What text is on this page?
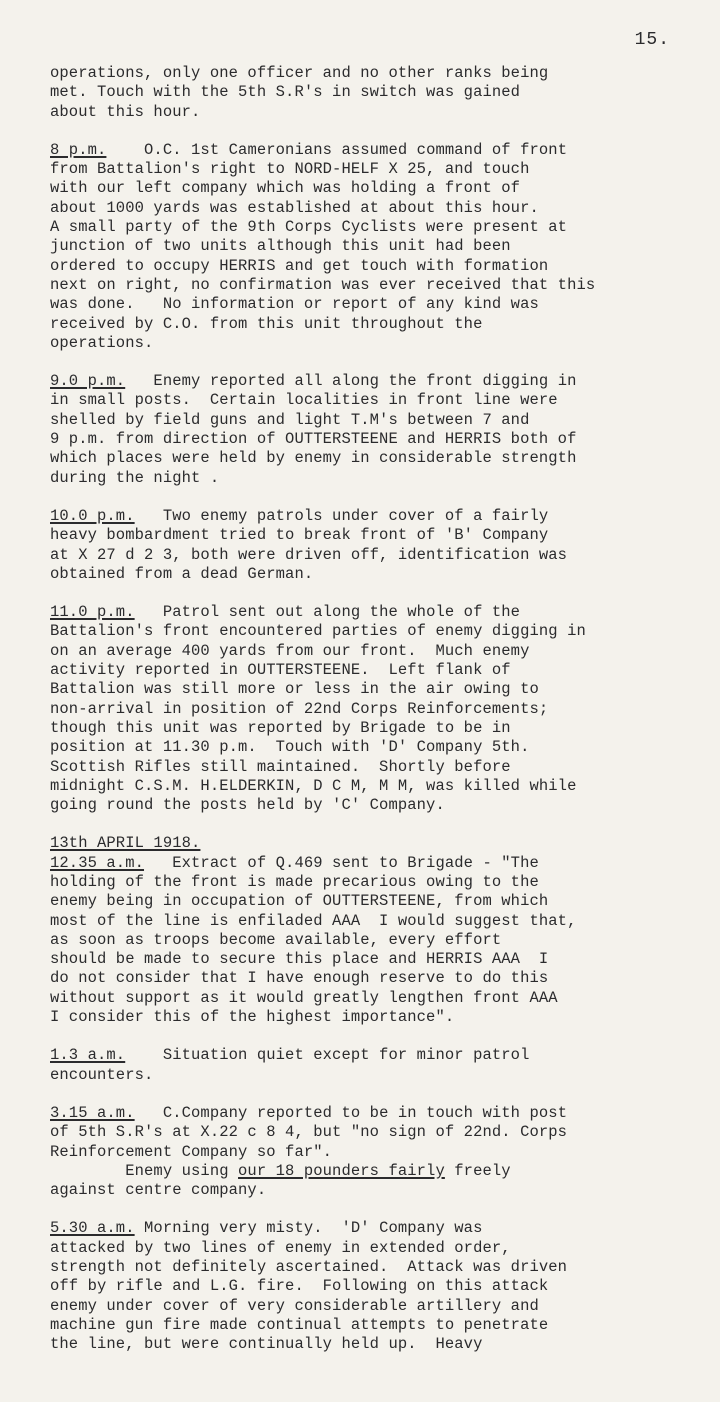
15.
operations, only one officer and no other ranks being
met. Touch with the 5th S.R's in switch was gained
about this hour.
8 p.m.    O.C. 1st Cameronians assumed command of front
from Battalion's right to NORD-HELF X 25, and touch
with our left company which was holding a front of
about 1000 yards was established at about this hour.
A small party of the 9th Corps Cyclists were present at
junction of two units although this unit had been
ordered to occupy HERRIS and get touch with formation
next on right, no confirmation was ever received that this
was done.   No information or report of any kind was
received by C.O. from this unit throughout the
operations.
9.0 p.m.   Enemy reported all along the front digging in
in small posts.  Certain localities in front line were
shelled by field guns and light T.M's between 7 and
9 p.m. from direction of OUTTERSTEENE and HERRIS both of
which places were held by enemy in considerable strength
during the night .
10.0 p.m.   Two enemy patrols under cover of a fairly
heavy bombardment tried to break front of 'B' Company
at X 27 d 2 3, both were driven off, identification was
obtained from a dead German.
11.0 p.m.   Patrol sent out along the whole of the
Battalion's front encountered parties of enemy digging in
on an average 400 yards from our front.  Much enemy
activity reported in OUTTERSTEENE.  Left flank of
Battalion was still more or less in the air owing to
non-arrival in position of 22nd Corps Reinforcements;
though this unit was reported by Brigade to be in
position at 11.30 p.m.  Touch with 'D' Company 5th.
Scottish Rifles still maintained.  Shortly before
midnight C.S.M. H.ELDERKIN, D C M, M M, was killed while
going round the posts held by 'C' Company.
13th APRIL 1918.
12.35 a.m.   Extract of Q.469 sent to Brigade - "The
holding of the front is made precarious owing to the
enemy being in occupation of OUTTERSTEENE, from which
most of the line is enfiladed AAA  I would suggest that,
as soon as troops become available, every effort
should be made to secure this place and HERRIS AAA  I
do not consider that I have enough reserve to do this
without support as it would greatly lengthen front AAA
I consider this of the highest importance".
1.3 a.m.    Situation quiet except for minor patrol
encounters.
3.15 a.m.   C.Company reported to be in touch with post
of 5th S.R's at X.22 c 8 4, but "no sign of 22nd. Corps
Reinforcement Company so far".
Enemy using our 18 pounders fairly freely
against centre company.
5.30 a.m. Morning very misty.  'D' Company was
attacked by two lines of enemy in extended order,
strength not definitely ascertained.  Attack was driven
off by rifle and L.G. fire.  Following on this attack
enemy under cover of very considerable artillery and
machine gun fire made continual attempts to penetrate
the line, but were continually held up.  Heavy
